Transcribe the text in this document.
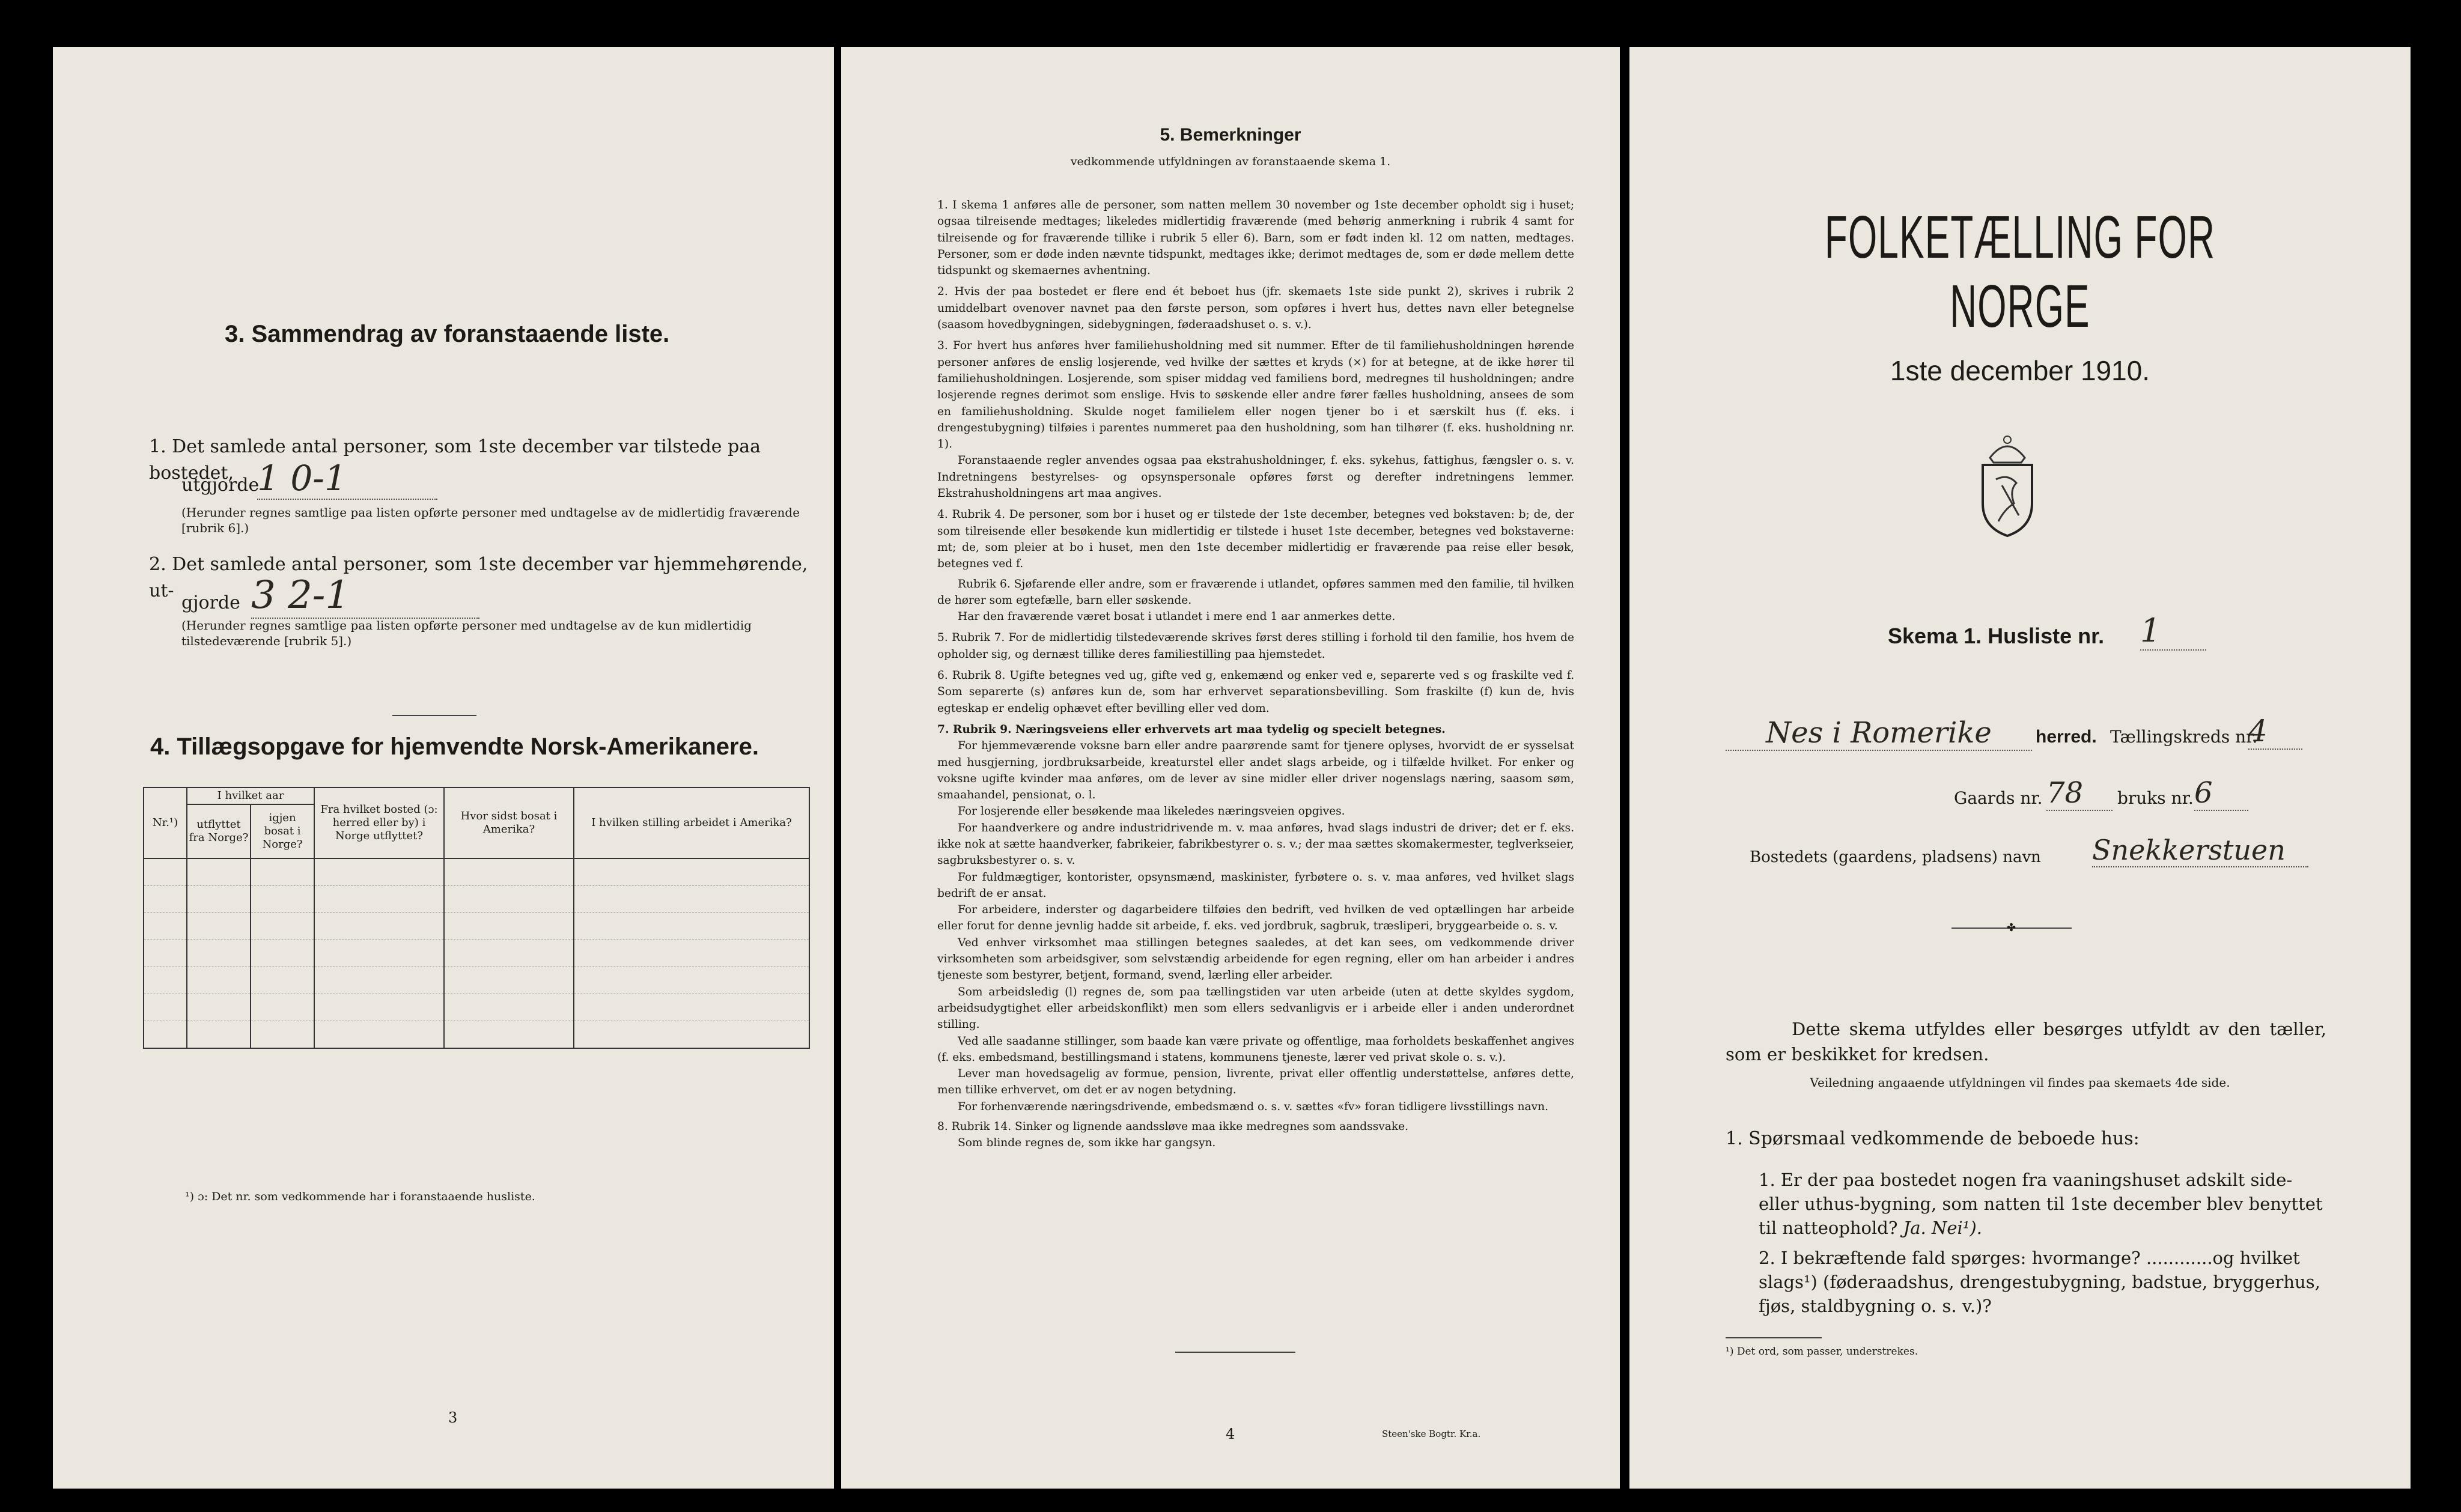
3. Sammendrag av foranstaaende liste.
1. Det samlede antal personer, som 1ste december var tilstede paa bostedet,
utgjorde
1 0-1
(Herunder regnes samtlige paa listen opførte personer med undtagelse av de midlertidig fraværende [rubrik 6].)
2. Det samlede antal personer, som 1ste december var hjemmehørende, ut-
gjorde 3 2-1
(Herunder regnes samtlige paa listen opførte personer med undtagelse av de kun midlertidig tilstedeværende [rubrik 5].)
4. Tillægsopgave for hjemvendte Norsk-Amerikanere.
Nr.¹)	I hvilket aar		Fra hvilket bosted (ɔ: herred eller by) i Norge utflyttet?	Hvor sidst bosat i Amerika?	I hvilken stilling arbeidet i Amerika?
	utflyttet fra Norge?	igjen bosat i Norge?			

¹) ɔ: Det nr. som vedkommende har i foranstaaende husliste.
3
5. Bemerkninger
vedkommende utfyldningen av foranstaaende skema 1.

1. I skema 1 anføres alle de personer, som natten mellem 30 november og 1ste december opholdt sig i huset; ogsaa tilreisende medtages; likeledes midlertidig fraværende (med behørig anmerkning i rubrik 4 samt for tilreisende og for fraværende tillike i rubrik 5 eller 6). Barn, som er født inden kl. 12 om natten, medtages. Personer, som er døde inden nævnte tidspunkt, medtages ikke; derimot medtages de, som er døde mellem dette tidspunkt og skemaernes avhentning.

2. Hvis der paa bostedet er flere end ét beboet hus (jfr. skemaets 1ste side punkt 2), skrives i rubrik 2 umiddelbart ovenover navnet paa den første person, som opføres i hvert hus, dettes navn eller betegnelse (saasom hovedbygningen, sidebygningen, føderaadshuset o. s. v.).

3. For hvert hus anføres hver familiehusholdning med sit nummer. Efter de til familiehusholdningen hørende personer anføres de enslig losjerende, ved hvilke der sættes et kryds (×) for at betegne, at de ikke hører til familiehusholdningen. Losjerende, som spiser middag ved familiens bord, medregnes til husholdningen; andre losjerende regnes derimot som enslige. Hvis to søskende eller andre fører fælles husholdning, ansees de som en familiehusholdning. Skulde noget familielem eller nogen tjener bo i et særskilt hus (f. eks. i drengestubygning) tilføies i parentes nummeret paa den husholdning, som han tilhører (f. eks. husholdning nr. 1).

Foranstaaende regler anvendes ogsaa paa ekstrahusholdninger, f. eks. sykehus, fattighus, fængsler o. s. v. Indretningens bestyrelses- og opsynspersonale opføres først og derefter indretningens lemmer. Ekstrahusholdningens art maa angives.

4. Rubrik 4. De personer, som bor i huset og er tilstede der 1ste december, betegnes ved bokstaven: b; de, der som tilreisende eller besøkende kun midlertidig er tilstede i huset 1ste december, betegnes ved bokstaverne: mt; de, som pleier at bo i huset, men den 1ste december midlertidig er fraværende paa reise eller besøk, betegnes ved f.

Rubrik 6. Sjøfarende eller andre, som er fraværende i utlandet, opføres sammen med den familie, til hvilken de hører som egtefælle, barn eller søskende.

Har den fraværende været bosat i utlandet i mere end 1 aar anmerkes dette.

5. Rubrik 7. For de midlertidig tilstedeværende skrives først deres stilling i forhold til den familie, hos hvem de opholder sig, og dernæst tillike deres familiestilling paa hjemstedet.

6. Rubrik 8. Ugifte betegnes ved ug, gifte ved g, enkemænd og enker ved e, separerte ved s og fraskilte ved f. Som separerte (s) anføres kun de, som har erhvervet separationsbevilling. Som fraskilte (f) kun de, hvis egteskap er endelig ophævet efter bevilling eller ved dom.

7. Rubrik 9. Næringsveiens eller erhvervets art maa tydelig og specielt betegnes.

For hjemmeværende voksne barn eller andre paarørende samt for tjenere oplyses, hvorvidt de er sysselsat med husgjerning, jordbruksarbeide, kreaturstel eller andet slags arbeide, og i tilfælde hvilket. For enker og voksne ugifte kvinder maa anføres, om de lever av sine midler eller driver nogenslags næring, saasom søm, smaahandel, pensionat, o. l.

For losjerende eller besøkende maa likeledes næringsveien opgives.

For haandverkere og andre industridrivende m. v. maa anføres, hvad slags industri de driver; det er f. eks. ikke nok at sætte haandverker, fabrikeier, fabrikbestyrer o. s. v.; der maa sættes skomakermester, teglverkseier, sagbruksbestyrer o. s. v.

For fuldmægtiger, kontorister, opsynsmænd, maskinister, fyrbøtere o. s. v. maa anføres, ved hvilket slags bedrift de er ansat.

For arbeidere, inderster og dagarbeidere tilføies den bedrift, ved hvilken de ved optællingen har arbeide eller forut for denne jevnlig hadde sit arbeide, f. eks. ved jordbruk, sagbruk, træsliperi, bryggearbeide o. s. v.

Ved enhver virksomhet maa stillingen betegnes saaledes, at det kan sees, om vedkommende driver virksomheten som arbeidsgiver, som selvstændig arbeidende for egen regning, eller om han arbeider i andres tjeneste som bestyrer, betjent, formand, svend, lærling eller arbeider.

Som arbeidsledig (l) regnes de, som paa tællingstiden var uten arbeide (uten at dette skyldes sygdom, arbeidsudygtighet eller arbeidskonflikt) men som ellers sedvanligvis er i arbeide eller i anden underordnet stilling.

Ved alle saadanne stillinger, som baade kan være private og offentlige, maa forholdets beskaffenhet angives (f. eks. embedsmand, bestillingsmand i statens, kommunens tjeneste, lærer ved privat skole o. s. v.).

Lever man hovedsagelig av formue, pension, livrente, privat eller offentlig understøttelse, anføres dette, men tillike erhvervet, om det er av nogen betydning.

For forhenværende næringsdrivende, embedsmænd o. s. v. sættes «fv» foran tidligere livsstillings navn.

8. Rubrik 14. Sinker og lignende aandssløve maa ikke medregnes som aandssvake.

Som blinde regnes de, som ikke har gangsyn.

4	Steen'ske Bogtr. Kr.a.
FOLKETÆLLING FOR NORGE
1ste december 1910.
Skema 1. Husliste nr. 1
Nes i Romerike	herred. Tællingskreds nr.
4
Gaards nr. 78	bruks nr. 6
Bostedets (gaardens, pladsens) navn Snekkerstuen
✤
Dette skema utfyldes eller besørges utfyldt av den tæller, som er beskikket for kredsen.
Veiledning angaaende utfyldningen vil findes paa skemaets 4de side.
1. Spørsmaal vedkommende de beboede hus:
1. Er der paa bostedet nogen fra vaaningshuset adskilt side- eller uthus-bygning, som natten til 1ste december blev benyttet til natteophold? Ja. Nei¹).
2. I bekræftende fald spørges: hvormange? ............og hvilket slags¹) (føderaadshus, drengestubygning, badstue, bryggerhus, fjøs, staldbygning o. s. v.)?
¹) Det ord, som passer, understrekes.
